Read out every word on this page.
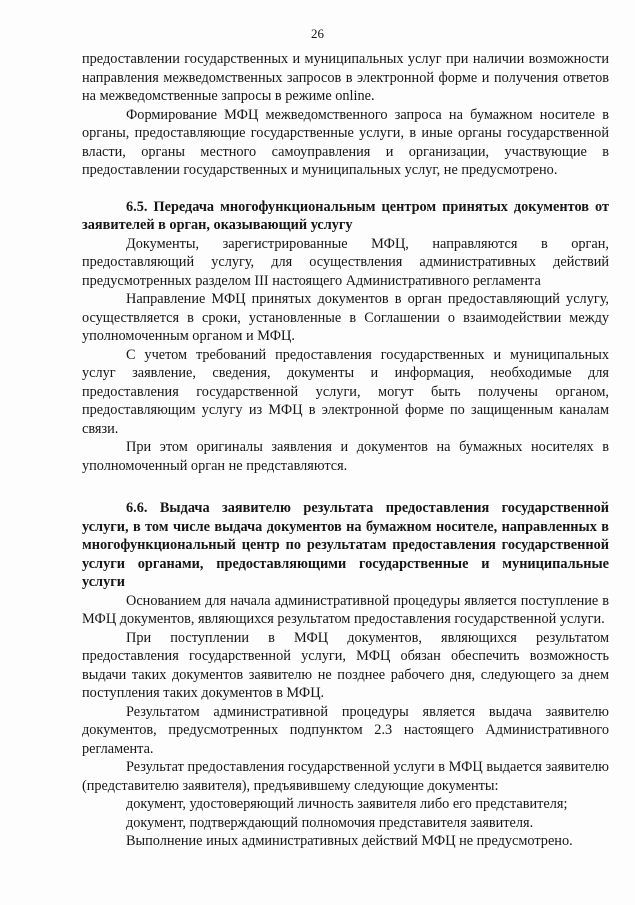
26

предоставлении государственных и муниципальных услуг при наличии возможности направления межведомственных запросов в электронной форме и получения ответов на межведомственные запросы в режиме online.

Формирование МФЦ межведомственного запроса на бумажном носителе в органы, предоставляющие государственные услуги, в иные органы государственной власти, органы местного самоуправления и организации, участвующие в предоставлении государственных и муниципальных услуг, не предусмотрено.

6.5. Передача многофункциональным центром принятых документов от заявителей в орган, оказывающий услугу

Документы, зарегистрированные МФЦ, направляются в орган, предоставляющий услугу, для осуществления административных действий предусмотренных разделом III настоящего Административного регламента

Направление МФЦ принятых документов в орган предоставляющий услугу, осуществляется в сроки, установленные в Соглашении о взаимодействии между уполномоченным органом и МФЦ.

С учетом требований предоставления государственных и муниципальных услуг заявление, сведения, документы и информация, необходимые для предоставления государственной услуги, могут быть получены органом, предоставляющим услугу из МФЦ в электронной форме по защищенным каналам связи.

При этом оригиналы заявления и документов на бумажных носителях в уполномоченный орган не представляются.

6.6. Выдача заявителю результата предоставления государственной услуги, в том числе выдача документов на бумажном носителе, направленных в многофункциональный центр по результатам предоставления государственной услуги органами, предоставляющими государственные и муниципальные услуги

Основанием для начала административной процедуры является поступление в МФЦ документов, являющихся результатом предоставления государственной услуги.

При поступлении в МФЦ документов, являющихся результатом предоставления государственной услуги, МФЦ обязан обеспечить возможность выдачи таких документов заявителю не позднее рабочего дня, следующего за днем поступления таких документов в МФЦ.

Результатом административной процедуры является выдача заявителю документов, предусмотренных подпунктом 2.3 настоящего Административного регламента.

Результат предоставления государственной услуги в МФЦ выдается заявителю (представителю заявителя), предъявившему следующие документы:

документ, удостоверяющий личность заявителя либо его представителя;

документ, подтверждающий полномочия представителя заявителя.

Выполнение иных административных действий МФЦ не предусмотрено.
